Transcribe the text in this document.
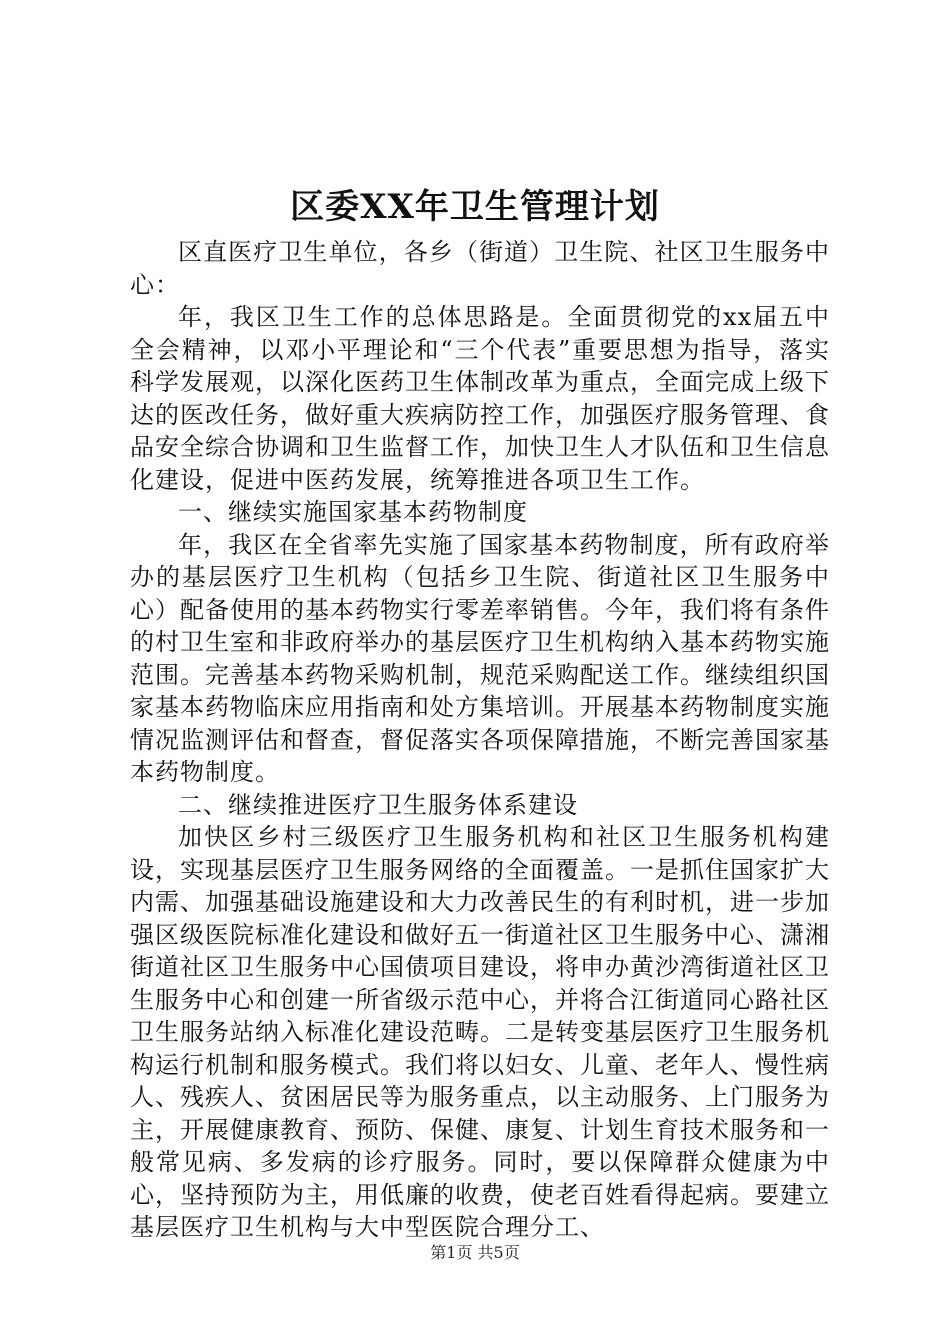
区委XX年卫生管理计划

区直医疗卫生单位，各乡（街道）卫生院、社区卫生服务中心：

年，我区卫生工作的总体思路是。全面贯彻党的xx届五中全会精神，以邓小平理论和“三个代表”重要思想为指导，落实科学发展观，以深化医药卫生体制改革为重点，全面完成上级下达的医改任务，做好重大疾病防控工作，加强医疗服务管理、食品安全综合协调和卫生监督工作，加快卫生人才队伍和卫生信息化建设，促进中医药发展，统筹推进各项卫生工作。

一、继续实施国家基本药物制度

年，我区在全省率先实施了国家基本药物制度，所有政府举办的基层医疗卫生机构（包括乡卫生院、街道社区卫生服务中心）配备使用的基本药物实行零差率销售。今年，我们将有条件的村卫生室和非政府举办的基层医疗卫生机构纳入基本药物实施范围。完善基本药物采购机制，规范采购配送工作。继续组织国家基本药物临床应用指南和处方集培训。开展基本药物制度实施情况监测评估和督查，督促落实各项保障措施，不断完善国家基本药物制度。

二、继续推进医疗卫生服务体系建设

加快区乡村三级医疗卫生服务机构和社区卫生服务机构建设，实现基层医疗卫生服务网络的全面覆盖。一是抓住国家扩大内需、加强基础设施建设和大力改善民生的有利时机，进一步加强区级医院标准化建设和做好五一街道社区卫生服务中心、潇湘街道社区卫生服务中心国债项目建设，将申办黄沙湾街道社区卫生服务中心和创建一所省级示范中心，并将合江街道同心路社区卫生服务站纳入标准化建设范畴。二是转变基层医疗卫生服务机构运行机制和服务模式。我们将以妇女、儿童、老年人、慢性病人、残疾人、贫困居民等为服务重点，以主动服务、上门服务为主，开展健康教育、预防、保健、康复、计划生育技术服务和一般常见病、多发病的诊疗服务。同时，要以保障群众健康为中心，坚持预防为主，用低廉的收费，使老百姓看得起病。要建立基层医疗卫生机构与大中型医院合理分工、

第1页 共5页
